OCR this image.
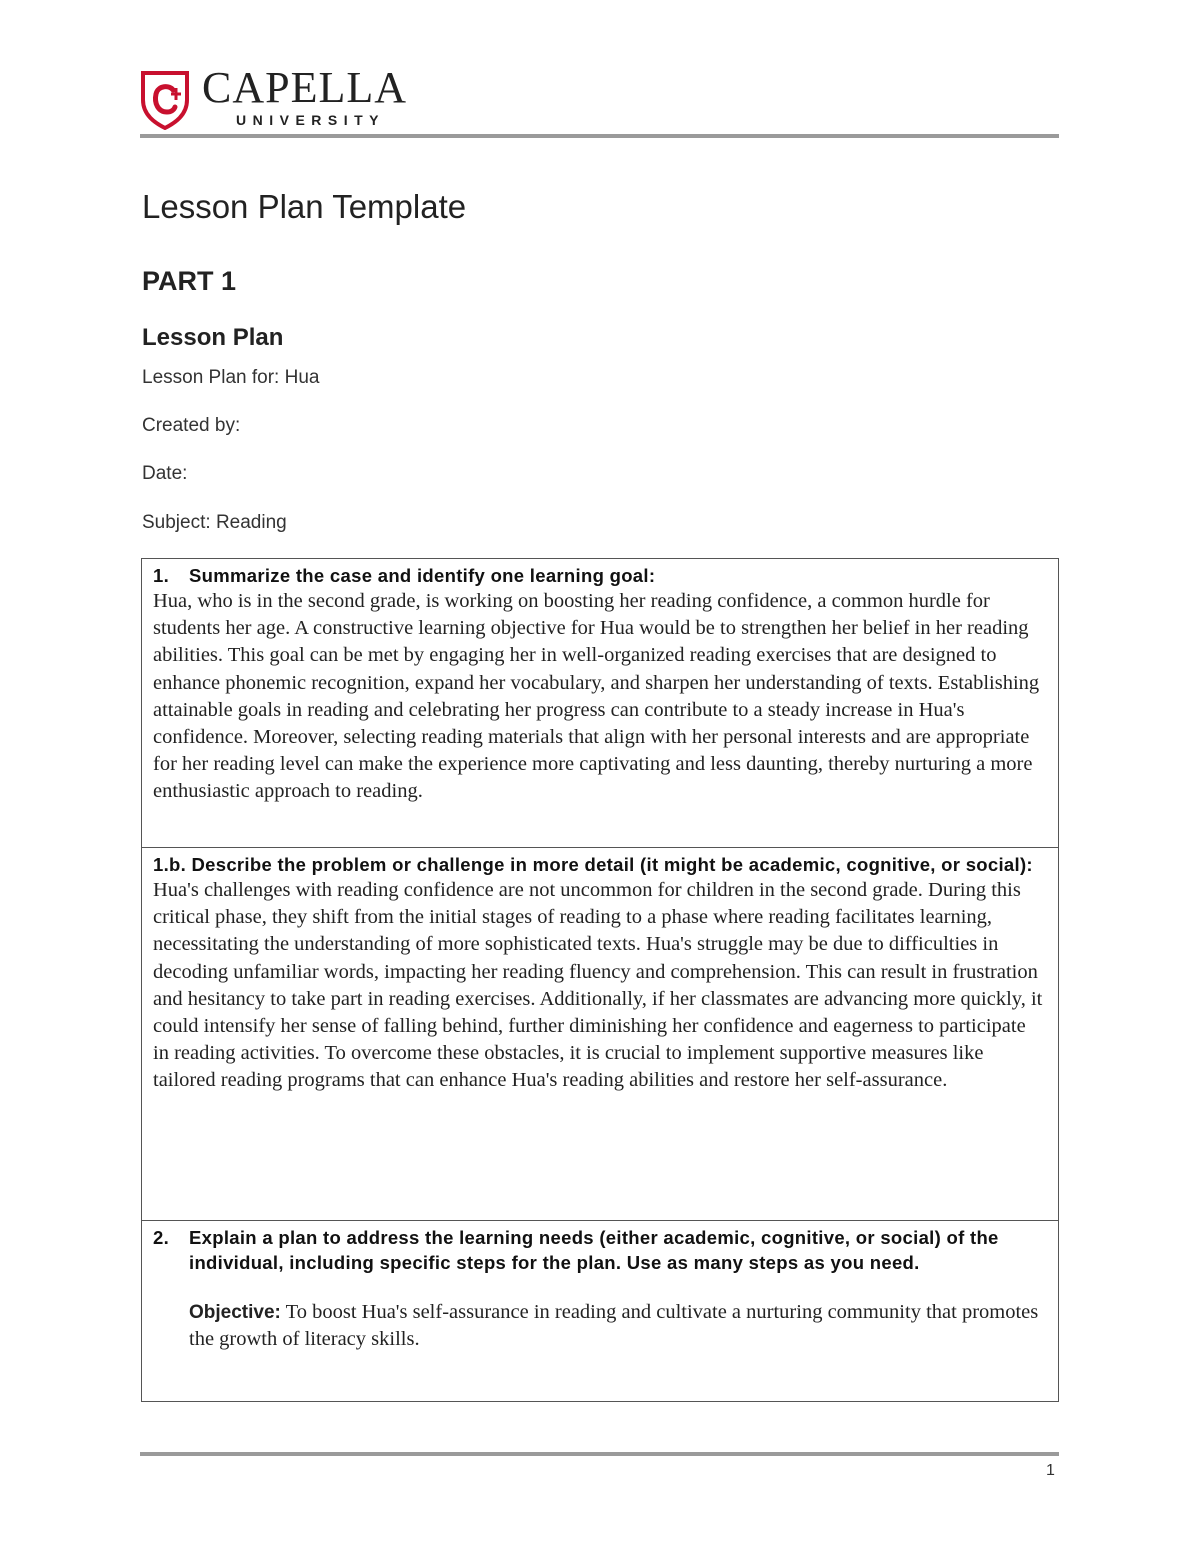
CAPELLA
UNIVERSITY
Lesson Plan Template
PART 1
Lesson Plan
Lesson Plan for: Hua
Created by:
Date:
Subject: Reading
1.	Summarize the case and identify one learning goal:
Hua, who is in the second grade, is working on boosting her reading confidence, a common hurdle for students her age. A constructive learning objective for Hua would be to strengthen her belief in her reading abilities. This goal can be met by engaging her in well-organized reading exercises that are designed to enhance phonemic recognition, expand her vocabulary, and sharpen her understanding of texts. Establishing attainable goals in reading and celebrating her progress can contribute to a steady increase in Hua's confidence. Moreover, selecting reading materials that align with her personal interests and are appropriate for her reading level can make the experience more captivating and less daunting, thereby nurturing a more enthusiastic approach to reading.

1.b. Describe the problem or challenge in more detail (it might be academic, cognitive, or social):
Hua's challenges with reading confidence are not uncommon for children in the second grade. During this critical phase, they shift from the initial stages of reading to a phase where reading facilitates learning, necessitating the understanding of more sophisticated texts. Hua's struggle may be due to difficulties in decoding unfamiliar words, impacting her reading fluency and comprehension. This can result in frustration and hesitancy to take part in reading exercises. Additionally, if her classmates are advancing more quickly, it could intensify her sense of falling behind, further diminishing her confidence and eagerness to participate in reading activities. To overcome these obstacles, it is crucial to implement supportive measures like tailored reading programs that can enhance Hua's reading abilities and restore her self-assurance.

2.	Explain a plan to address the learning needs (either academic, cognitive, or social) of the individual, including specific steps for the plan. Use as many steps as you need.
Objective: To boost Hua's self-assurance in reading and cultivate a nurturing community that promotes the growth of literacy skills.
1
